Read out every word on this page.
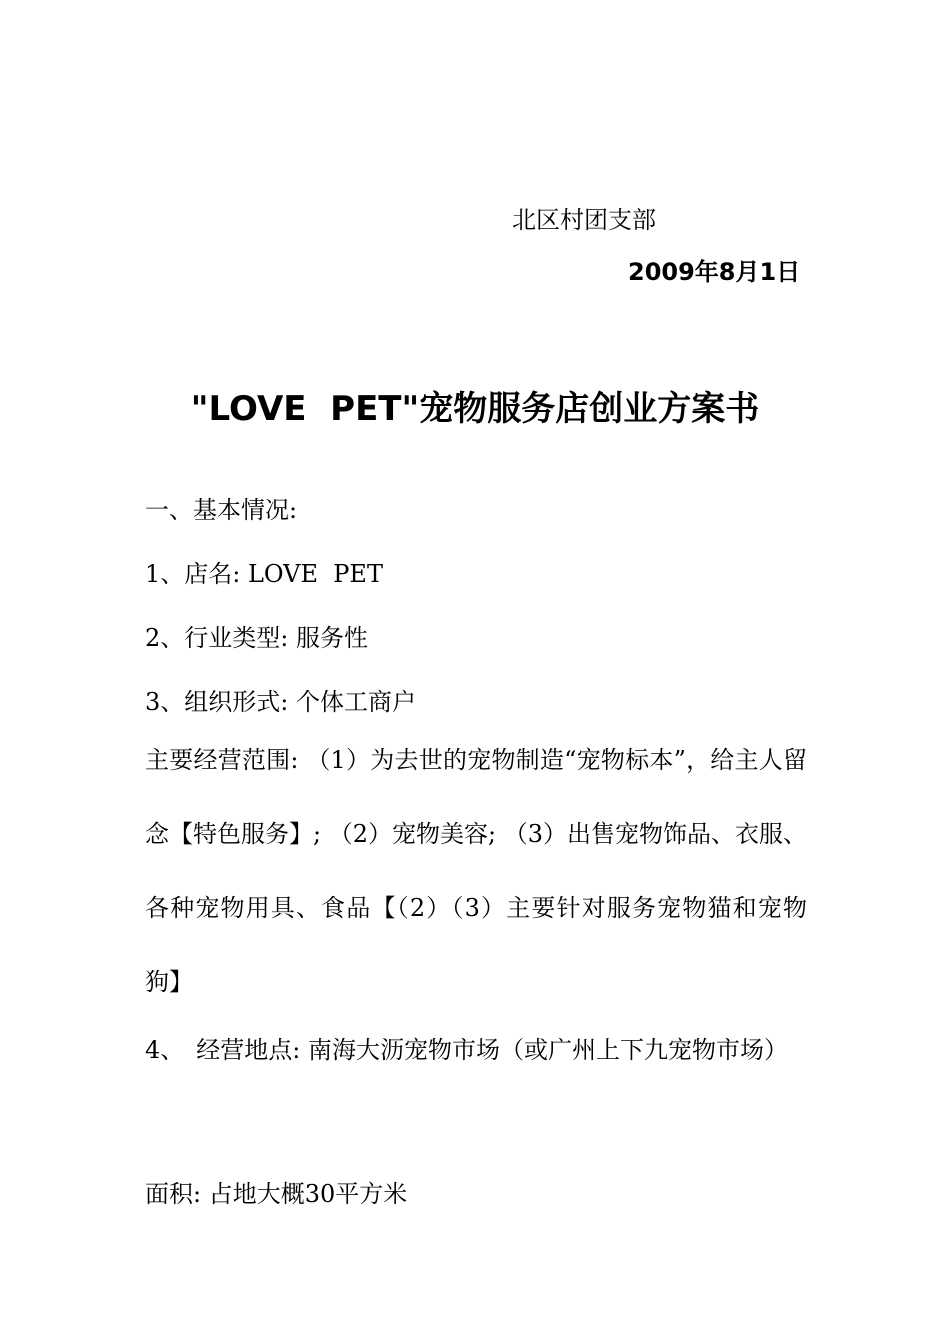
北区村团支部
2009年8月1日
"LOVE  PET"宠物服务店创业方案书
一、基本情况:
1、店名: LOVE  PET
2、行业类型: 服务性
3、组织形式: 个体工商户
主要经营范围: （1）为去世的宠物制造“宠物标本”，给主人留念【特色服务】; （2）宠物美容; （3）出售宠物饰品、衣服、各种宠物用具、食品【（2）（3）主要针对服务宠物猫和宠物狗】
4、　经营地点: 南海大沥宠物市场（或广州上下九宠物市场）
面积: 占地大概30平方米
